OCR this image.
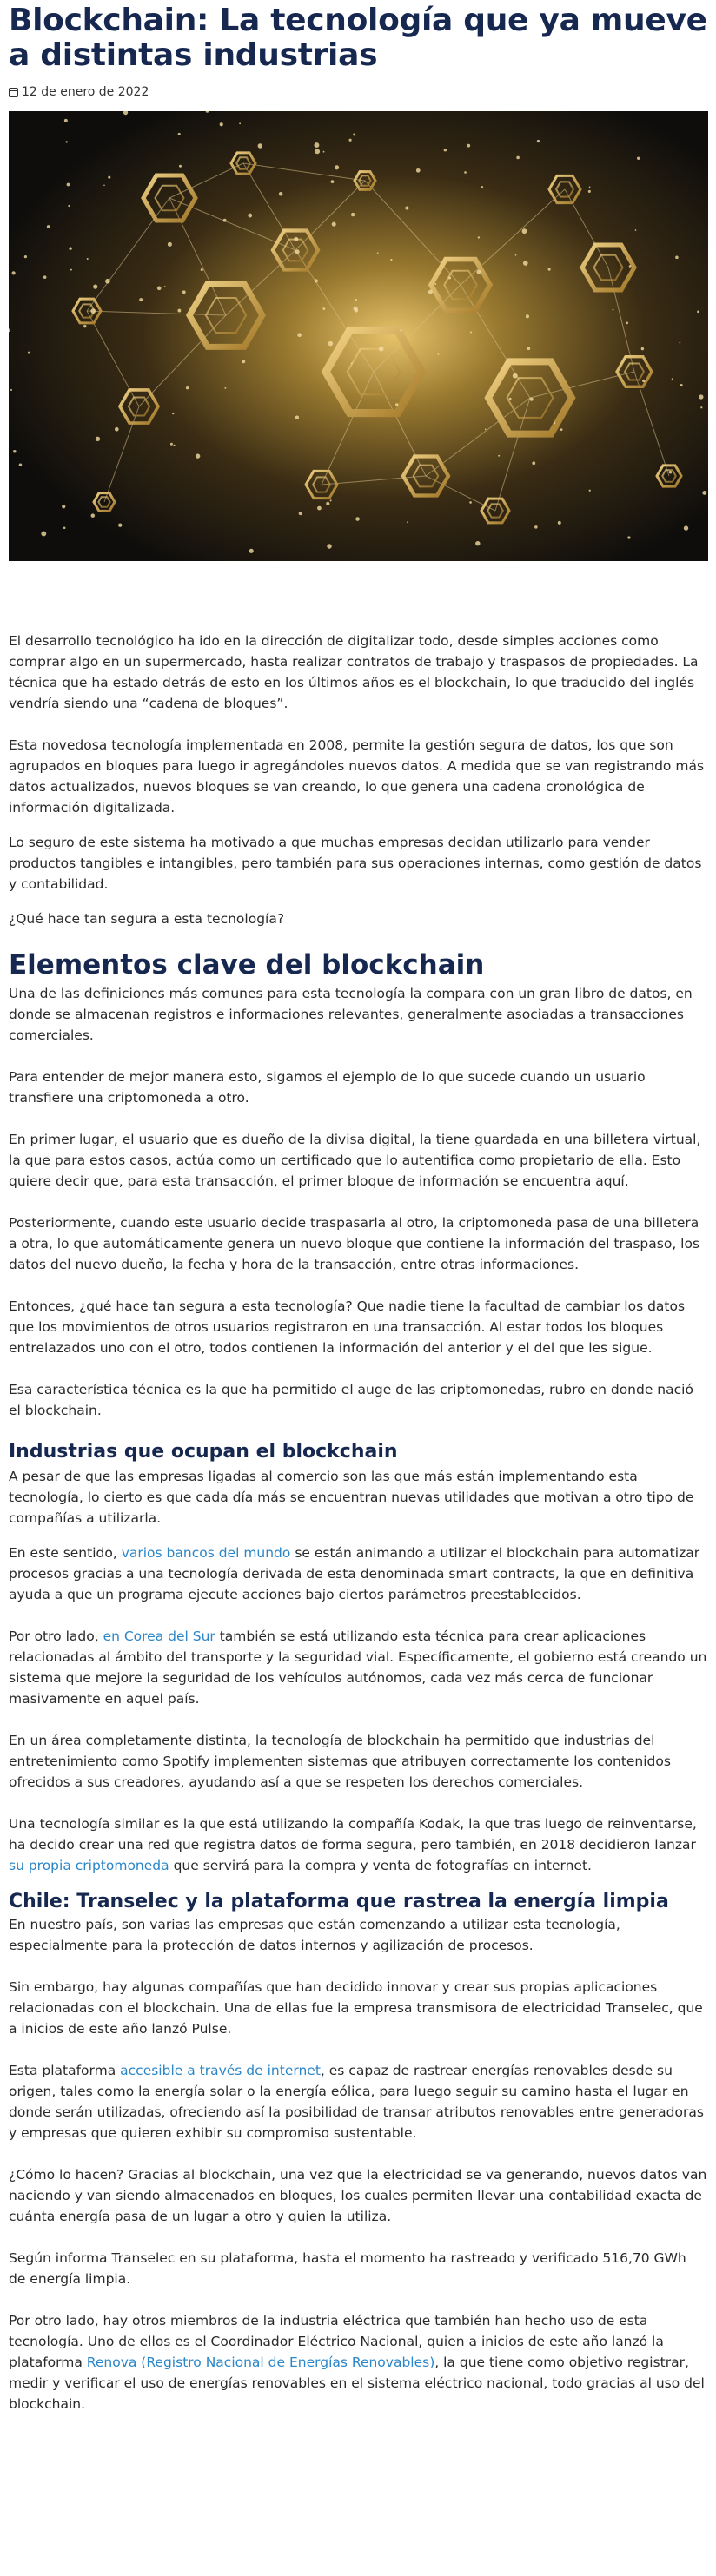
Blockchain: La tecnología que ya mueve a distintas industrias
12 de enero de 2022

El desarrollo tecnológico ha ido en la dirección de digitalizar todo, desde simples acciones como comprar algo en un supermercado, hasta realizar contratos de trabajo y traspasos de propiedades. La técnica que ha estado detrás de esto en los últimos años es el blockchain, lo que traducido del inglés vendría siendo una “cadena de bloques”.

Esta novedosa tecnología implementada en 2008, permite la gestión segura de datos, los que son agrupados en bloques para luego ir agregándoles nuevos datos. A medida que se van registrando más datos actualizados, nuevos bloques se van creando, lo que genera una cadena cronológica de información digitalizada.

Lo seguro de este sistema ha motivado a que muchas empresas decidan utilizarlo para vender productos tangibles e intangibles, pero también para sus operaciones internas, como gestión de datos y contabilidad.

¿Qué hace tan segura a esta tecnología?

Elementos clave del blockchain

Una de las definiciones más comunes para esta tecnología la compara con un gran libro de datos, en donde se almacenan registros e informaciones relevantes, generalmente asociadas a transacciones comerciales.

Para entender de mejor manera esto, sigamos el ejemplo de lo que sucede cuando un usuario transfiere una criptomoneda a otro.

En primer lugar, el usuario que es dueño de la divisa digital, la tiene guardada en una billetera virtual, la que para estos casos, actúa como un certificado que lo autentifica como propietario de ella. Esto quiere decir que, para esta transacción, el primer bloque de información se encuentra aquí.

Posteriormente, cuando este usuario decide traspasarla al otro, la criptomoneda pasa de una billetera a otra, lo que automáticamente genera un nuevo bloque que contiene la información del traspaso, los datos del nuevo dueño, la fecha y hora de la transacción, entre otras informaciones.

Entonces, ¿qué hace tan segura a esta tecnología? Que nadie tiene la facultad de cambiar los datos que los movimientos de otros usuarios registraron en una transacción. Al estar todos los bloques entrelazados uno con el otro, todos contienen la información del anterior y el del que les sigue.

Esa característica técnica es la que ha permitido el auge de las criptomonedas, rubro en donde nació el blockchain.

Industrias que ocupan el blockchain

A pesar de que las empresas ligadas al comercio son las que más están implementando esta tecnología, lo cierto es que cada día más se encuentran nuevas utilidades que motivan a otro tipo de compañías a utilizarla.

En este sentido, varios bancos del mundo se están animando a utilizar el blockchain para automatizar procesos gracias a una tecnología derivada de esta denominada smart contracts, la que en definitiva ayuda a que un programa ejecute acciones bajo ciertos parámetros preestablecidos.

Por otro lado, en Corea del Sur también se está utilizando esta técnica para crear aplicaciones relacionadas al ámbito del transporte y la seguridad vial. Específicamente, el gobierno está creando un sistema que mejore la seguridad de los vehículos autónomos, cada vez más cerca de funcionar masivamente en aquel país.

En un área completamente distinta, la tecnología de blockchain ha permitido que industrias del entretenimiento como Spotify implementen sistemas que atribuyen correctamente los contenidos ofrecidos a sus creadores, ayudando así a que se respeten los derechos comerciales.

Una tecnología similar es la que está utilizando la compañía Kodak, la que tras luego de reinventarse, ha decido crear una red que registra datos de forma segura, pero también, en 2018 decidieron lanzar su propia criptomoneda que servirá para la compra y venta de fotografías en internet.

Chile: Transelec y la plataforma que rastrea la energía limpia

En nuestro país, son varias las empresas que están comenzando a utilizar esta tecnología, especialmente para la protección de datos internos y agilización de procesos.

Sin embargo, hay algunas compañías que han decidido innovar y crear sus propias aplicaciones relacionadas con el blockchain. Una de ellas fue la empresa transmisora de electricidad Transelec, que a inicios de este año lanzó Pulse.

Esta plataforma accesible a través de internet, es capaz de rastrear energías renovables desde su origen, tales como la energía solar o la energía eólica, para luego seguir su camino hasta el lugar en donde serán utilizadas, ofreciendo así la posibilidad de transar atributos renovables entre generadoras y empresas que quieren exhibir su compromiso sustentable.

¿Cómo lo hacen? Gracias al blockchain, una vez que la electricidad se va generando, nuevos datos van naciendo y van siendo almacenados en bloques, los cuales permiten llevar una contabilidad exacta de cuánta energía pasa de un lugar a otro y quien la utiliza.

Según informa Transelec en su plataforma, hasta el momento ha rastreado y verificado 516,70 GWh de energía limpia.

Por otro lado, hay otros miembros de la industria eléctrica que también han hecho uso de esta tecnología. Uno de ellos es el Coordinador Eléctrico Nacional, quien a inicios de este año lanzó la plataforma Renova (Registro Nacional de Energías Renovables), la que tiene como objetivo registrar, medir y verificar el uso de energías renovables en el sistema eléctrico nacional, todo gracias al uso del blockchain.
